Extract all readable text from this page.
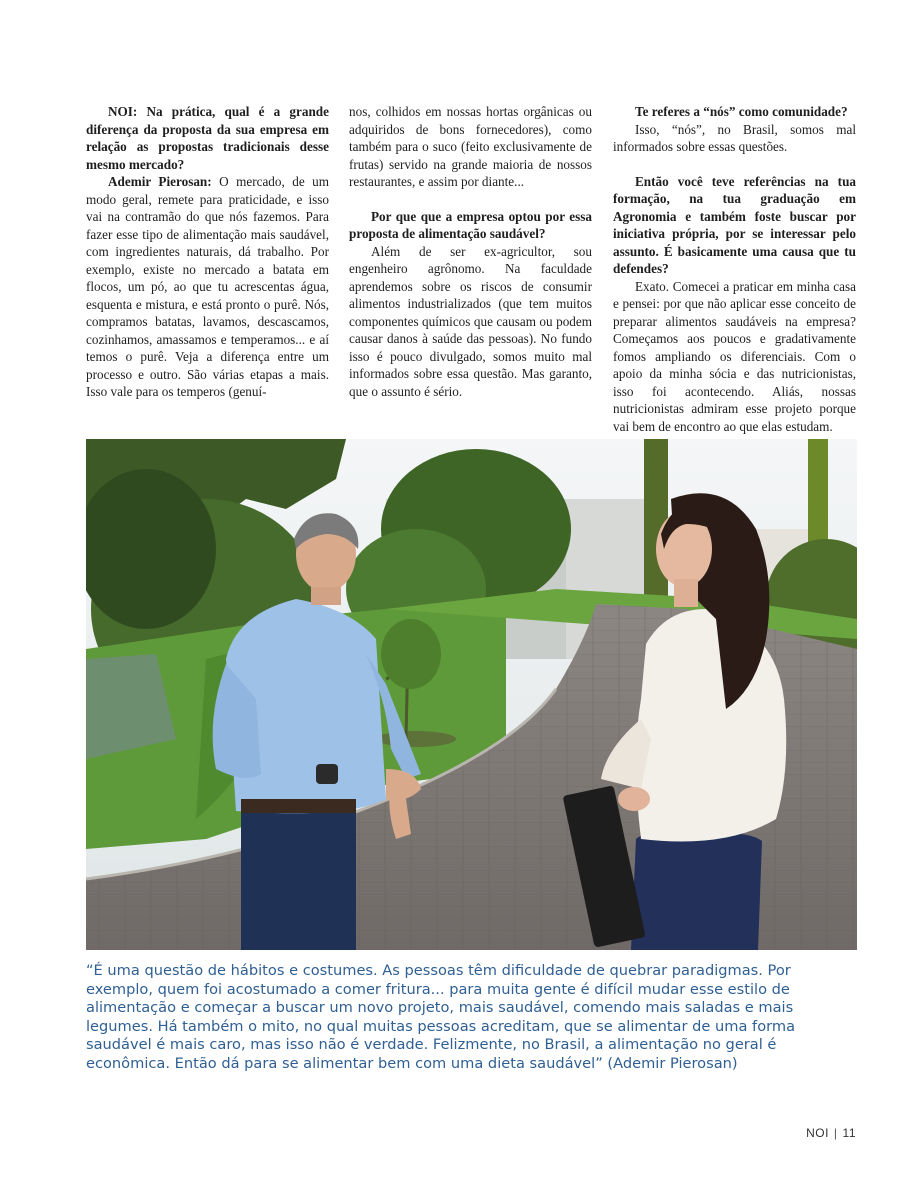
NOI: Na prática, qual é a grande diferença da proposta da sua empresa em relação as propostas tradicionais desse mesmo mercado?

Ademir Pierosan: O mercado, de um modo geral, remete para praticidade, e isso vai na contramão do que nós fazemos. Para fazer esse tipo de alimentação mais saudável, com ingredientes naturais, dá trabalho. Por exemplo, existe no mercado a batata em flocos, um pó, ao que tu acrescentas água, esquenta e mistura, e está pronto o purê. Nós, compramos batatas, lavamos, descascamos, cozinhamos, amassamos e temperamos... e aí temos o purê. Veja a diferença entre um processo e outro. São várias etapas a mais. Isso vale para os temperos (genuí-

nos, colhidos em nossas hortas orgânicas ou adquiridos de bons fornecedores), como também para o suco (feito exclusivamente de frutas) servido na grande maioria de nossos restaurantes, e assim por diante...

Por que que a empresa optou por essa proposta de alimentação saudável?

Além de ser ex-agricultor, sou engenheiro agrônomo. Na faculdade aprendemos sobre os riscos de consumir alimentos industrializados (que tem muitos componentes químicos que causam ou podem causar danos à saúde das pessoas). No fundo isso é pouco divulgado, somos muito mal informados sobre essa questão. Mas garanto, que o assunto é sério.

Te referes a “nós” como comunidade?

Isso, “nós”, no Brasil, somos mal informados sobre essas questões.

Então você teve referências na tua formação, na tua graduação em Agronomia e também foste buscar por iniciativa própria, por se interessar pelo assunto. É basicamente uma causa que tu defendes?

Exato. Comecei a praticar em minha casa e pensei: por que não aplicar esse conceito de preparar alimentos saudáveis na empresa? Começamos aos poucos e gradativamente fomos ampliando os diferenciais. Com o apoio da minha sócia e das nutricionistas, isso foi acontecendo. Aliás, nossas nutricionistas admiram esse projeto porque vai bem de encontro ao que elas estudam.

“É uma questão de hábitos e costumes. As pessoas têm dificuldade de quebrar paradigmas. Por exemplo, quem foi acostumado a comer fritura... para muita gente é difícil mudar esse estilo de alimentação e começar a buscar um novo projeto, mais saudável, comendo mais saladas e mais legumes. Há também o mito, no qual muitas pessoas acreditam, que se alimentar de uma forma saudável é mais caro, mas isso não é verdade. Felizmente, no Brasil, a alimentação no geral é econômica. Então dá para se alimentar bem com uma dieta saudável” (Ademir Pierosan)

NOI | 11
